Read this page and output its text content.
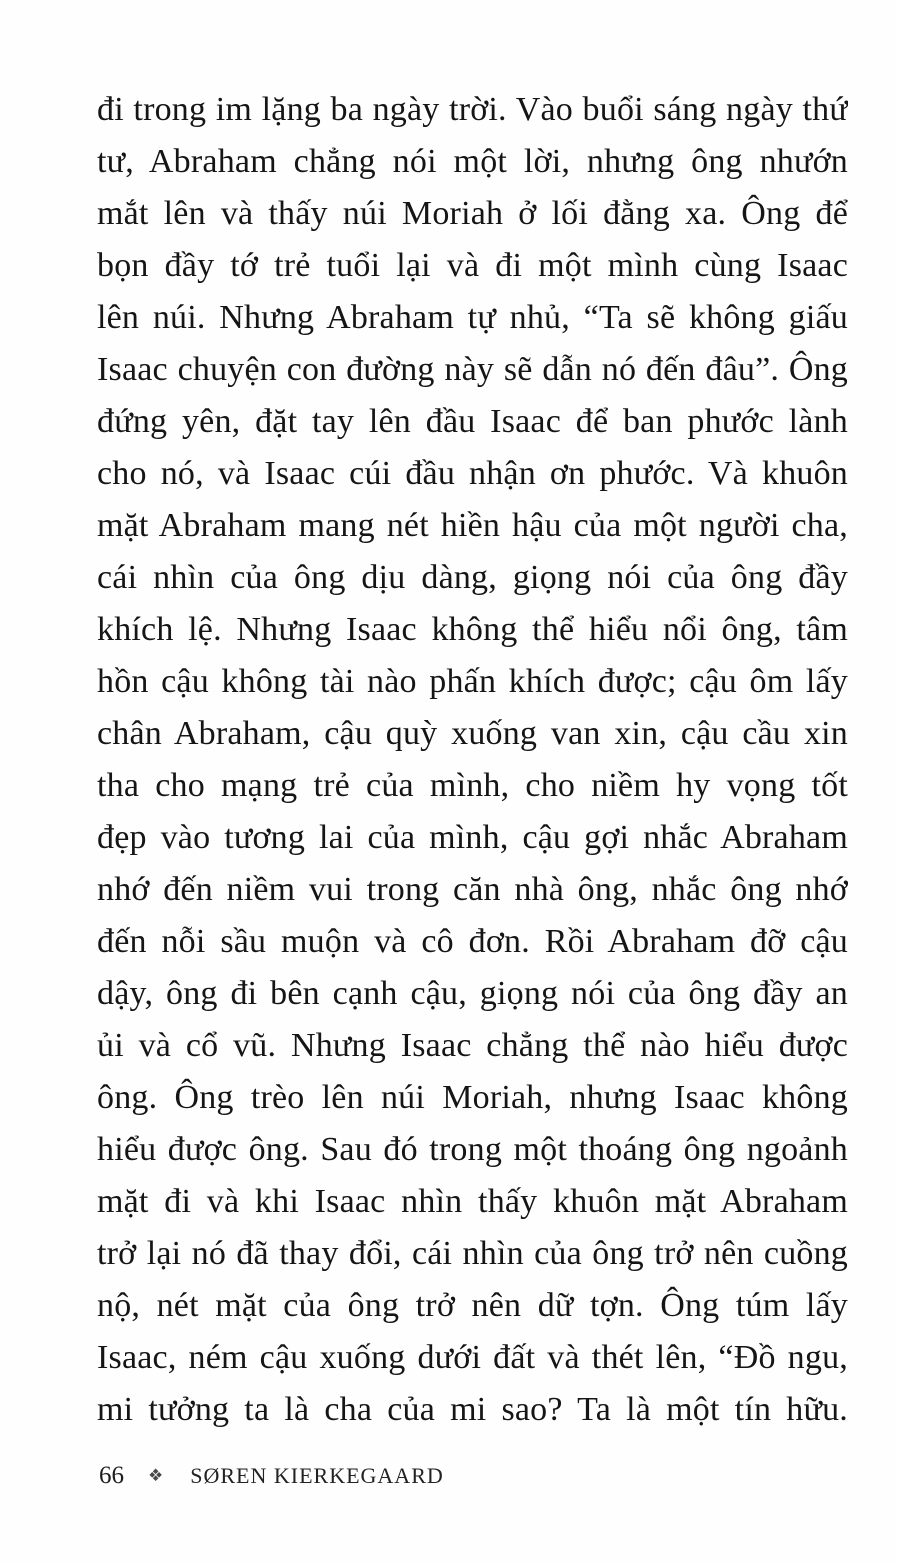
đi trong im lặng ba ngày trời. Vào buổi sáng ngày thứ
tư, Abraham chẳng nói một lời, nhưng ông nhướn
mắt lên và thấy núi Moriah ở lối đằng xa. Ông để
bọn đầy tớ trẻ tuổi lại và đi một mình cùng Isaac
lên núi. Nhưng Abraham tự nhủ, “Ta sẽ không giấu
Isaac chuyện con đường này sẽ dẫn nó đến đâu”. Ông
đứng yên, đặt tay lên đầu Isaac để ban phước lành
cho nó, và Isaac cúi đầu nhận ơn phước. Và khuôn
mặt Abraham mang nét hiền hậu của một người cha,
cái nhìn của ông dịu dàng, giọng nói của ông đầy
khích lệ. Nhưng Isaac không thể hiểu nổi ông, tâm
hồn cậu không tài nào phấn khích được; cậu ôm lấy
chân Abraham, cậu quỳ xuống van xin, cậu cầu xin
tha cho mạng trẻ của mình, cho niềm hy vọng tốt
đẹp vào tương lai của mình, cậu gợi nhắc Abraham
nhớ đến niềm vui trong căn nhà ông, nhắc ông nhớ
đến nỗi sầu muộn và cô đơn. Rồi Abraham đỡ cậu
dậy, ông đi bên cạnh cậu, giọng nói của ông đầy an
ủi và cổ vũ. Nhưng Isaac chẳng thể nào hiểu được
ông. Ông trèo lên núi Moriah, nhưng Isaac không
hiểu được ông. Sau đó trong một thoáng ông ngoảnh
mặt đi và khi Isaac nhìn thấy khuôn mặt Abraham
trở lại nó đã thay đổi, cái nhìn của ông trở nên cuồng
nộ, nét mặt của ông trở nên dữ tợn. Ông túm lấy
Isaac, ném cậu xuống dưới đất và thét lên, “Đồ ngu,
mi tưởng ta là cha của mi sao? Ta là một tín hữu.
66 ❖ SØREN KIERKEGAARD
